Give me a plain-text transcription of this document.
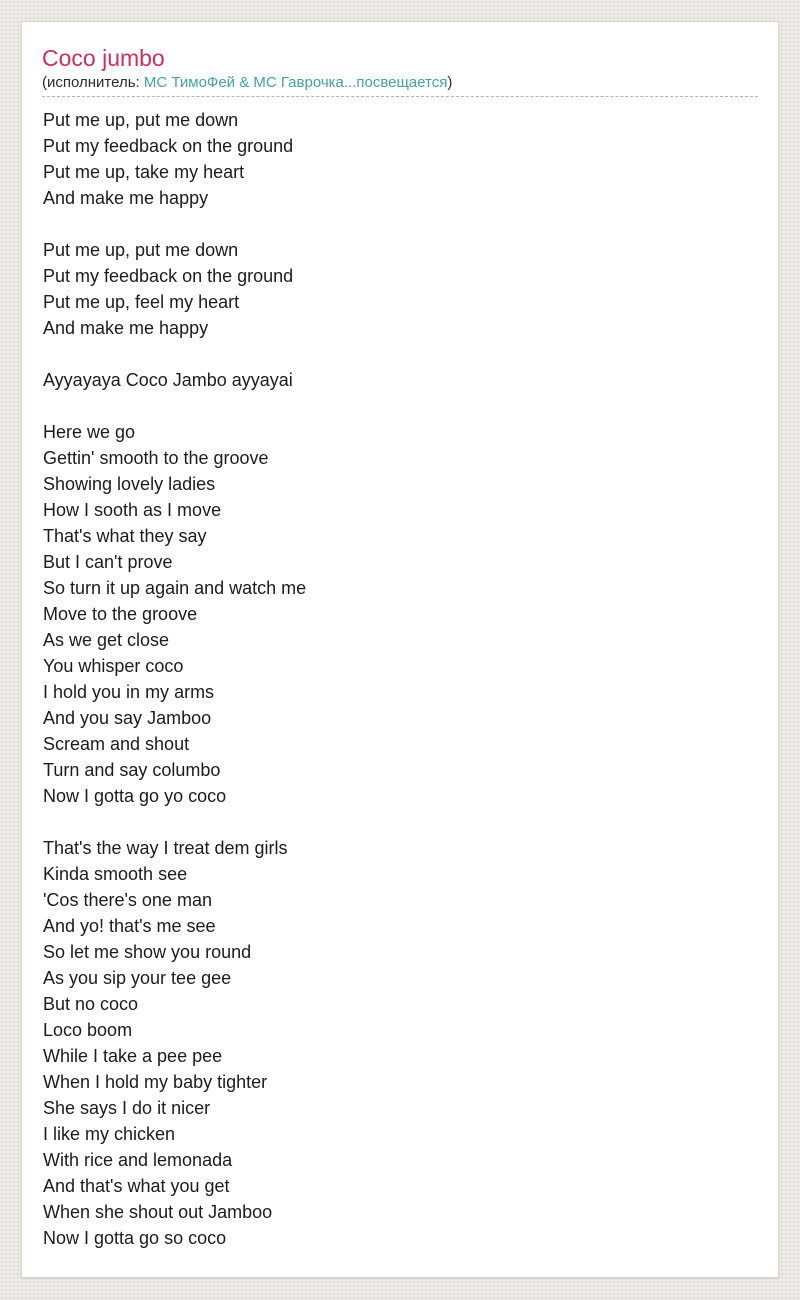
Coco jumbo
(исполнитель: МС ТимоФей & МС Гаврочка...посвещается)
Put me up, put me down
Put my feedback on the ground
Put me up, take my heart
And make me happy

Put me up, put me down
Put my feedback on the ground
Put me up, feel my heart
And make me happy

Ayyayaya Coco Jambo ayyayai

Here we go
Gettin' smooth to the groove
Showing lovely ladies
How I sooth as I move
That's what they say
But I can't prove
So turn it up again and watch me
Move to the groove
As we get close
You whisper coco
I hold you in my arms
And you say Jamboo
Scream and shout
Turn and say columbo
Now I gotta go yo coco

That's the way I treat dem girls
Kinda smooth see
'Cos there's one man
And yo! that's me see
So let me show you round
As you sip your tee gee
But no coco
Loco boom
While I take a pee pee
When I hold my baby tighter
She says I do it nicer
I like my chicken
With rice and lemonada
And that's what you get
When she shout out Jamboo
Now I gotta go so coco
